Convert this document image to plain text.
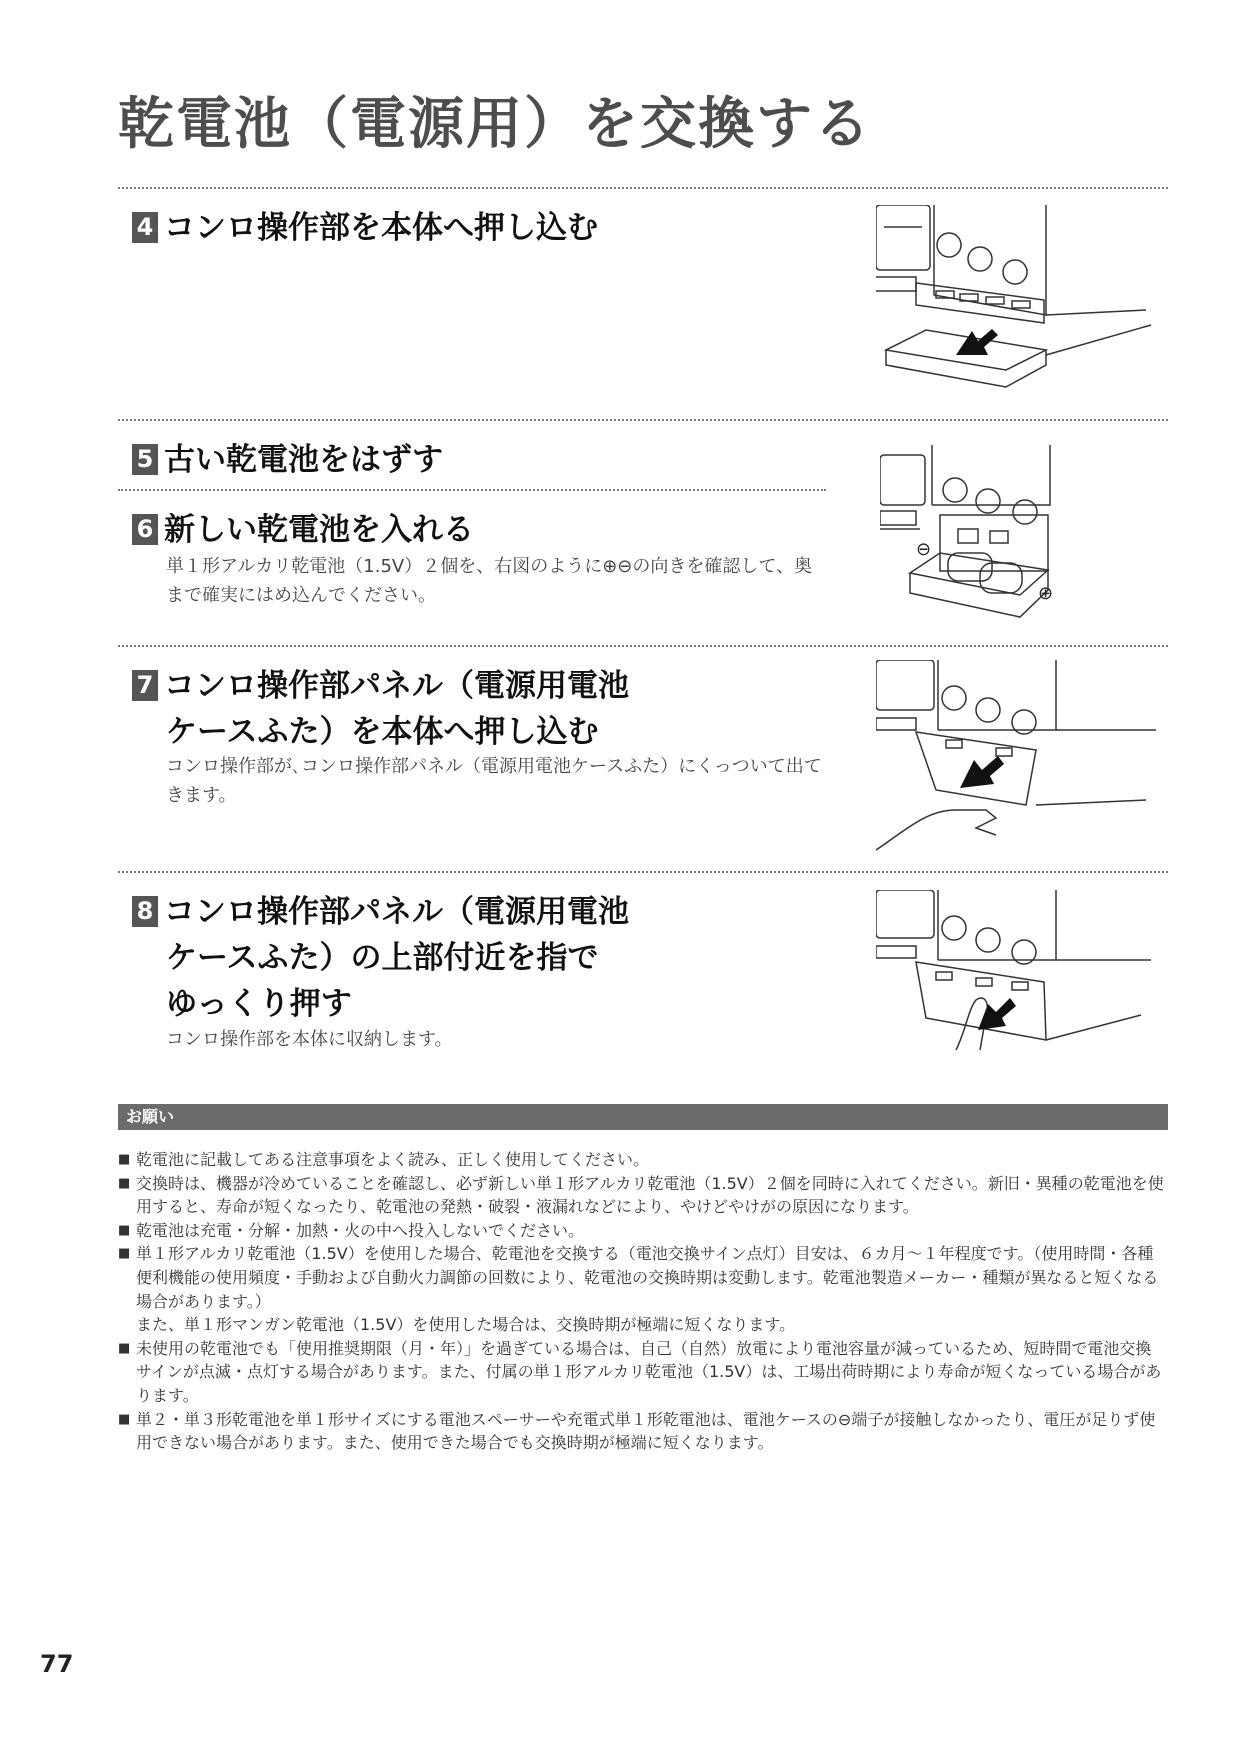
乾電池（電源用）を交換する
4 コンロ操作部を本体へ押し込む
5 古い乾電池をはずす
6 新しい乾電池を入れる

単１形アルカリ乾電池（1.5V）２個を、右図のように⊕⊖の向きを確認して、奥まで確実にはめ込んでください。

⊖
⊕
7 コンロ操作部パネル（電源用電池
ケースふた）を本体へ押し込む

コンロ操作部が､コンロ操作部パネル（電源用電池ケースふた）にくっついて出てきます。

8 コンロ操作部パネル（電源用電池
ケースふた）の上部付近を指で
ゆっくり押す

コンロ操作部を本体に収納します。

お願い
■ 乾電池に記載してある注意事項をよく読み、正しく使用してください。
■ 交換時は、機器が冷めていることを確認し、必ず新しい単１形アルカリ乾電池（1.5V）２個を同時に入れてください。新旧・異種の乾電池を使用すると、寿命が短くなったり、乾電池の発熱・破裂・液漏れなどにより、やけどやけがの原因になります。
■ 乾電池は充電・分解・加熱・火の中へ投入しないでください。
■ 単１形アルカリ乾電池（1.5V）を使用した場合、乾電池を交換する（電池交換サイン点灯）目安は、６カ月～１年程度です。（使用時間・各種便利機能の使用頻度・手動および自動火力調節の回数により、乾電池の交換時期は変動します。乾電池製造メーカー・種類が異なると短くなる場合があります。）
また、単１形マンガン乾電池（1.5V）を使用した場合は、交換時期が極端に短くなります。
■ 未使用の乾電池でも「使用推奨期限（月・年）」を過ぎている場合は、自己（自然）放電により電池容量が減っているため、短時間で電池交換サインが点滅・点灯する場合があります。また、付属の単１形アルカリ乾電池（1.5V）は、工場出荷時期により寿命が短くなっている場合があります。
■ 単２・単３形乾電池を単１形サイズにする電池スペーサーや充電式単１形乾電池は、電池ケースの⊖端子が接触しなかったり、電圧が足りず使用できない場合があります。また、使用できた場合でも交換時期が極端に短くなります。
77
